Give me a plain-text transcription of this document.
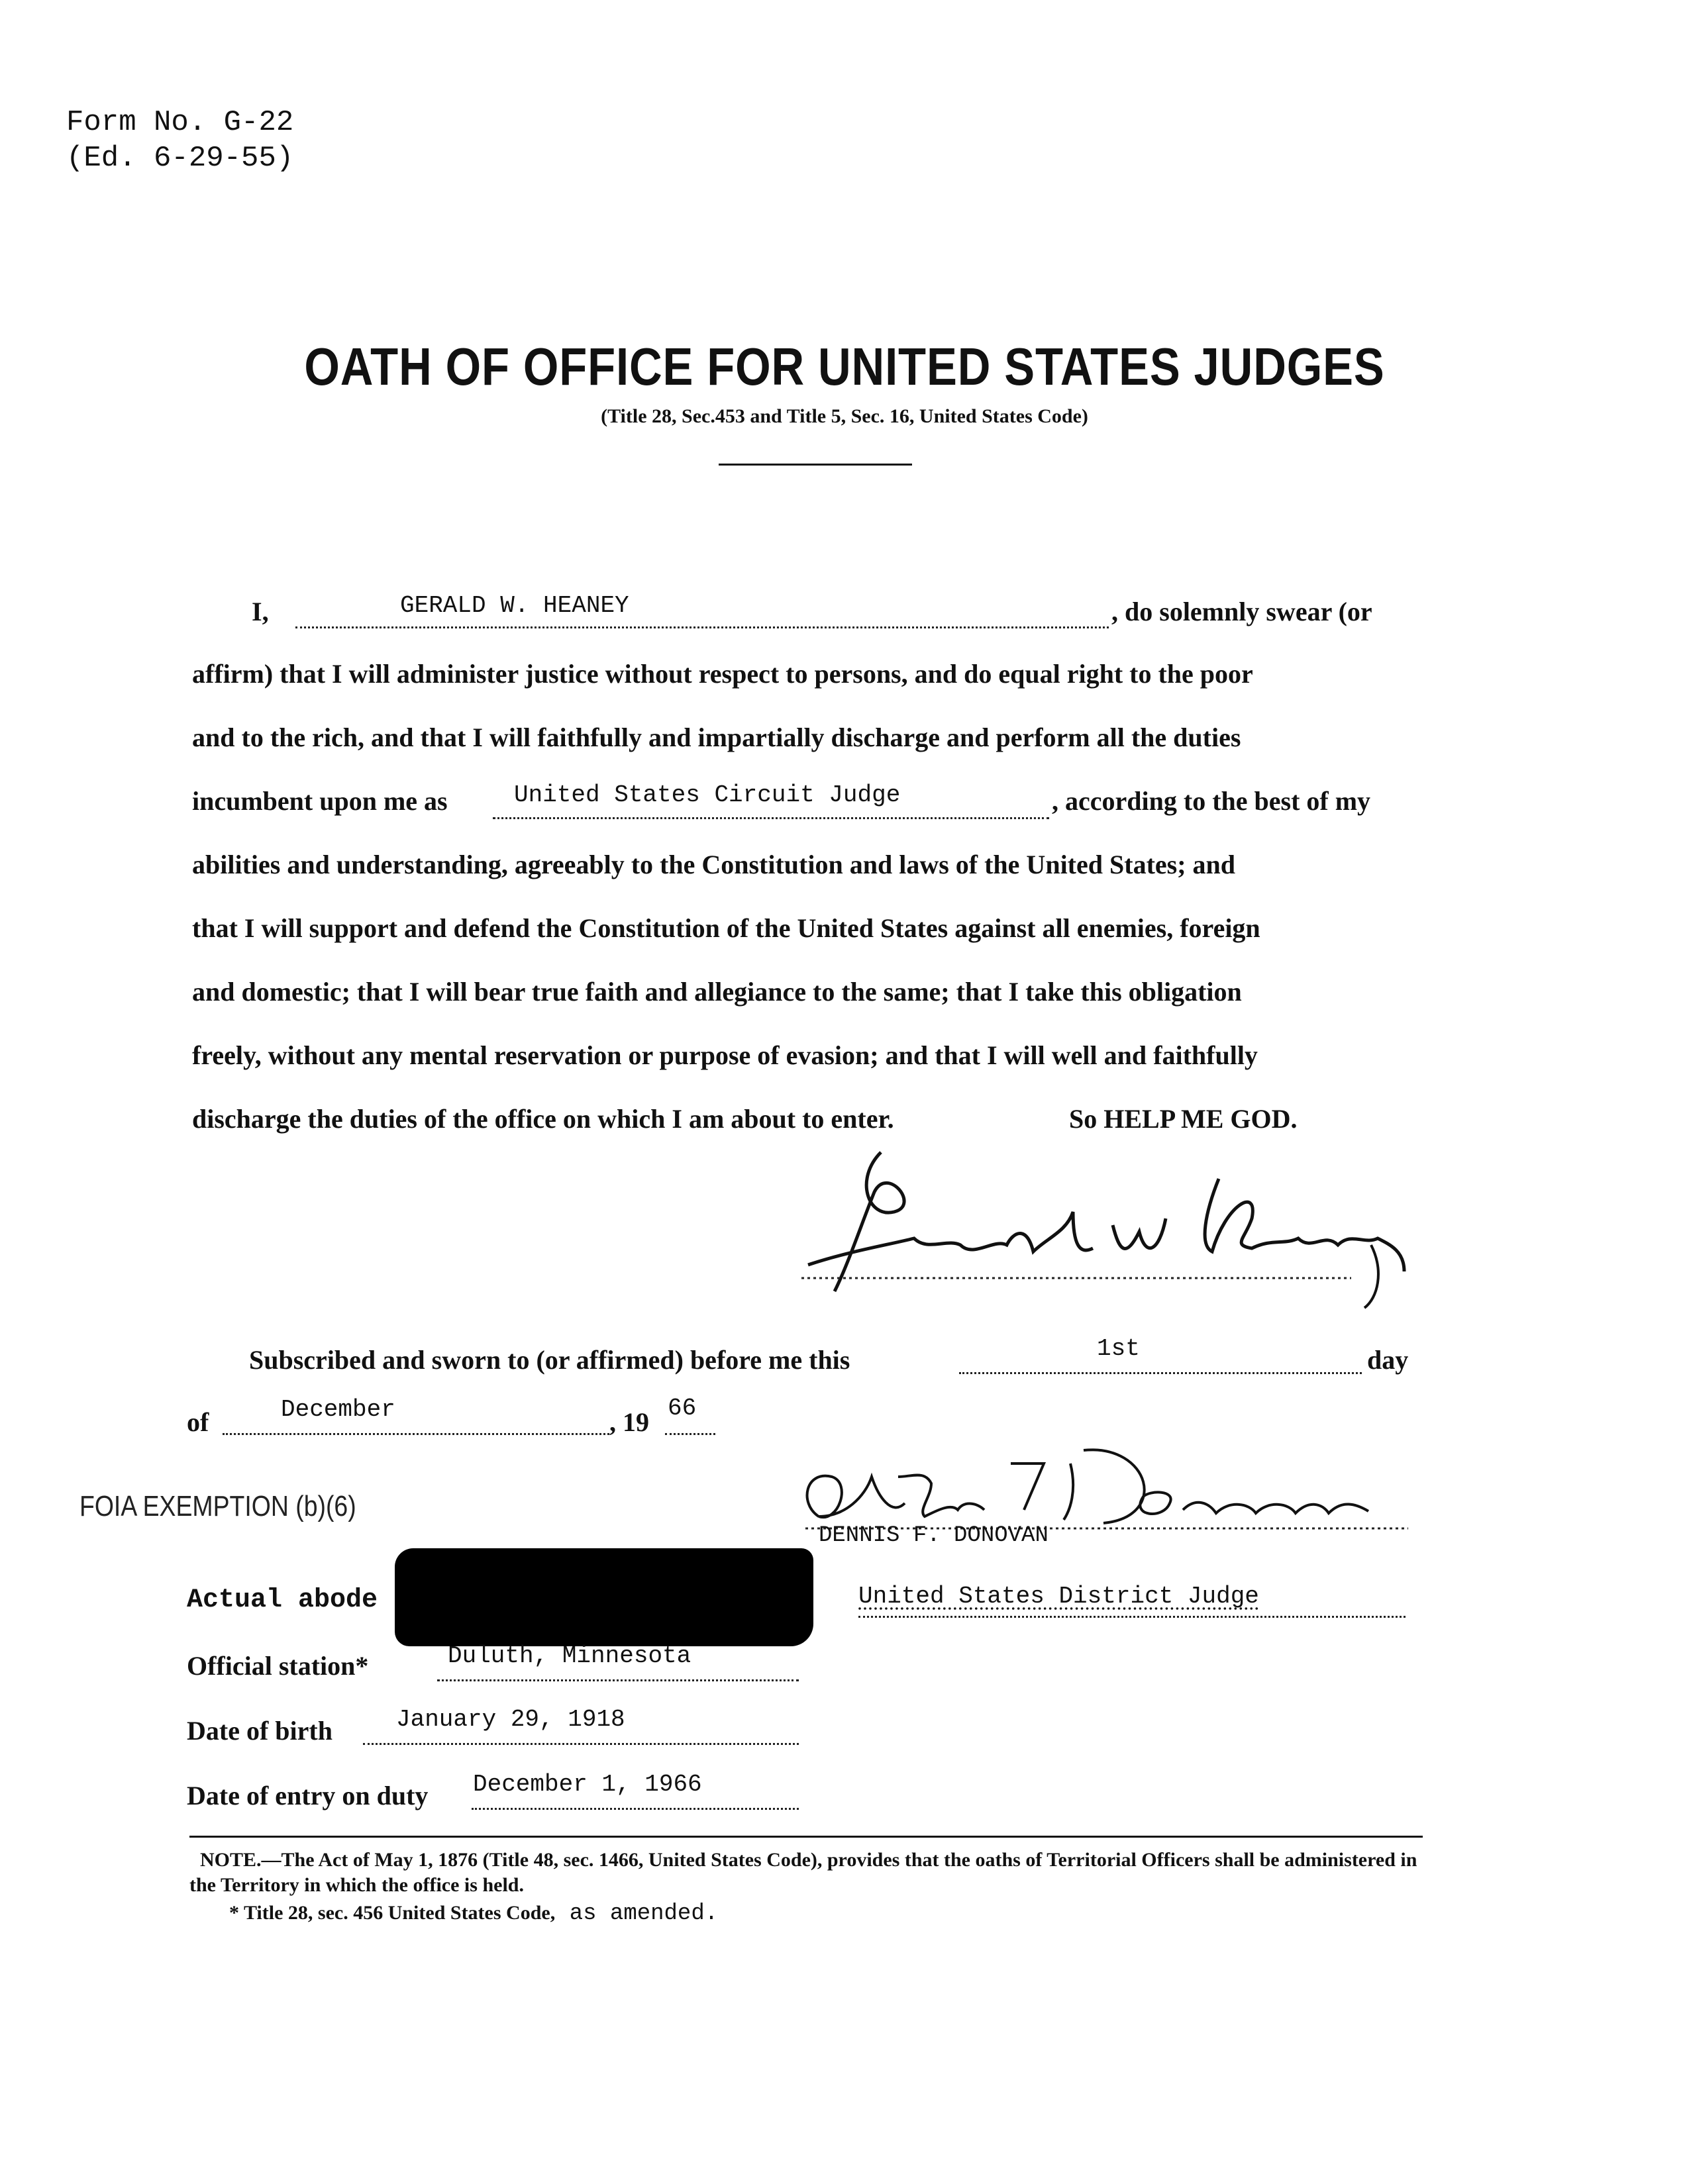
Form No. G-22
(Ed. 6-29-55)
OATH OF OFFICE FOR UNITED STATES JUDGES
(Title 28, Sec.453 and Title 5, Sec. 16, United States Code)
I,	GERALD W. HEANEY	, do solemnly swear (or
affirm) that I will administer justice without respect to persons, and do equal right to the poor
and to the rich, and that I will faithfully and impartially discharge and perform all the duties
incumbent upon me as	United States Circuit Judge	, according to the best of my
abilities and understanding, agreeably to the Constitution and laws of the United States; and
that I will support and defend the Constitution of the United States against all enemies, foreign
and domestic; that I will bear true faith and allegiance to the same; that I take this obligation
freely, without any mental reservation or purpose of evasion; and that I will well and faithfully
discharge the duties of the office on which I am about to enter.	So HELP ME GOD.
Subscribed and sworn to (or affirmed) before me this	1st	day
of	December	, 19 66
FOIA EXEMPTION (b)(6)
DENNIS F. DONOVAN
United States District Judge
Actual abode
Official station*	Duluth, Minnesota
Date of birth	January 29, 1918
Date of entry on duty December 1, 1966
NOTE.—The Act of May 1, 1876 (Title 48, sec. 1466, United States Code), provides that the oaths of Territorial Officers shall be administered in the Territory in which the office is held.
* Title 28, sec. 456 United States Code, as amended.
